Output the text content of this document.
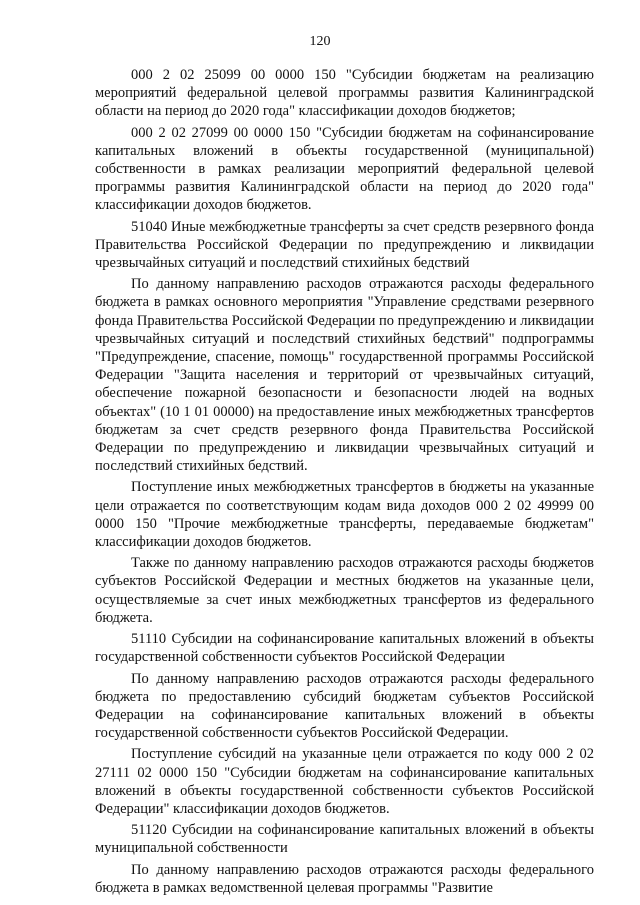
120

000 2 02 25099 00 0000 150 "Субсидии бюджетам на реализацию мероприятий федеральной целевой программы развития Калининградской области на период до 2020 года" классификации доходов бюджетов;

000 2 02 27099 00 0000 150 "Субсидии бюджетам на софинансирование капитальных вложений в объекты государственной (муниципальной) собственности в рамках реализации мероприятий федеральной целевой программы развития Калининградской области на период до 2020 года" классификации доходов бюджетов.

51040 Иные межбюджетные трансферты за счет средств резервного фонда Правительства Российской Федерации по предупреждению и ликвидации чрезвычайных ситуаций и последствий стихийных бедствий

По данному направлению расходов отражаются расходы федерального бюджета в рамках основного мероприятия "Управление средствами резервного фонда Правительства Российской Федерации по предупреждению и ликвидации чрезвычайных ситуаций и последствий стихийных бедствий" подпрограммы "Предупреждение, спасение, помощь" государственной программы Российской Федерации "Защита населения и территорий от чрезвычайных ситуаций, обеспечение пожарной безопасности и безопасности людей на водных объектах" (10 1 01 00000) на предоставление иных межбюджетных трансфертов бюджетам за счет средств резервного фонда Правительства Российской Федерации по предупреждению и ликвидации чрезвычайных ситуаций и последствий стихийных бедствий.

Поступление иных межбюджетных трансфертов в бюджеты на указанные цели отражается по соответствующим кодам вида доходов 000 2 02 49999 00 0000 150 "Прочие межбюджетные трансферты, передаваемые бюджетам" классификации доходов бюджетов.

Также по данному направлению расходов отражаются расходы бюджетов субъектов Российской Федерации и местных бюджетов на указанные цели, осуществляемые за счет иных межбюджетных трансфертов из федерального бюджета.

51110 Субсидии на софинансирование капитальных вложений в объекты государственной собственности субъектов Российской Федерации

По данному направлению расходов отражаются расходы федерального бюджета по предоставлению субсидий бюджетам субъектов Российской Федерации на софинансирование капитальных вложений в объекты государственной собственности субъектов Российской Федерации.

Поступление субсидий на указанные цели отражается по коду 000 2 02 27111 02 0000 150 "Субсидии бюджетам на софинансирование капитальных вложений в объекты государственной собственности субъектов Российской Федерации" классификации доходов бюджетов.

51120 Субсидии на софинансирование капитальных вложений в объекты муниципальной собственности

По данному направлению расходов отражаются расходы федерального бюджета в рамках ведомственной целевая программы "Развитие
